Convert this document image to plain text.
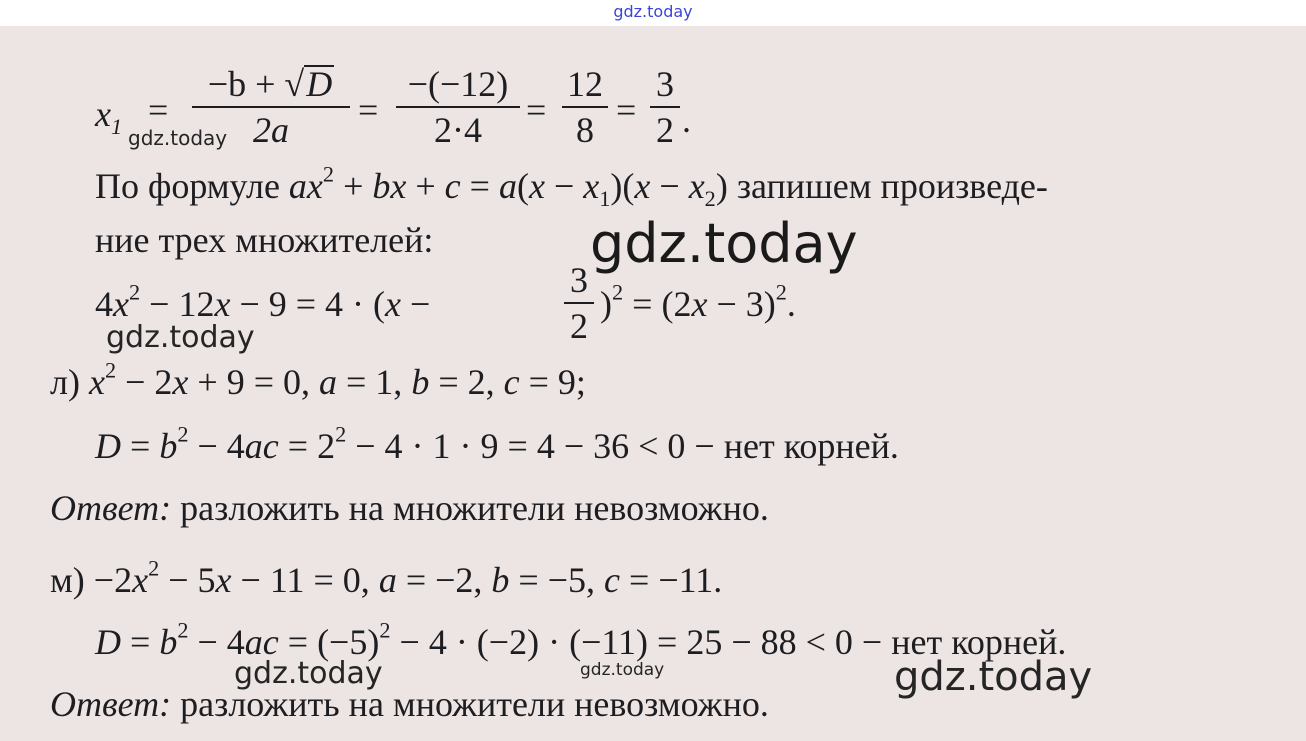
gdz.today
$x_1$ =
−b + √D
2a	=
−(−12)
2·4	=
12
8 =
3
2 .
По формуле $ax^2$ + bx + $c = a(x - x_1)(x - x_2)$ запишем произведе-
ние трех множителей:
$4x^2 - 12x - 9 = 4 \cdot (x$ −
3
2
)$^2 = (2x - 3)^2$.
л) $x^2 - 2x + 9 = 0$, a = 1, b = 2, c = 9;
$D = b^2 - 4ac = 2^2 - 4 \cdot 1 \cdot 9 = 4 - 36 < 0$ − нет корней.
Ответ: разложить на множители невозможно.
$м) -2x^2 - 5x - 11 = 0$, a = −2, b = −5, c = −11.
$D = b^2 - 4ac = (-5)^2 - 4 \cdot (-2) \cdot (-11) = 25 - 88 < 0$ − нет корней.
Ответ: разложить на множители невозможно.
gdz.today
gdz.today
gdz.today
gdz.today	gdz.today	gdz.today
